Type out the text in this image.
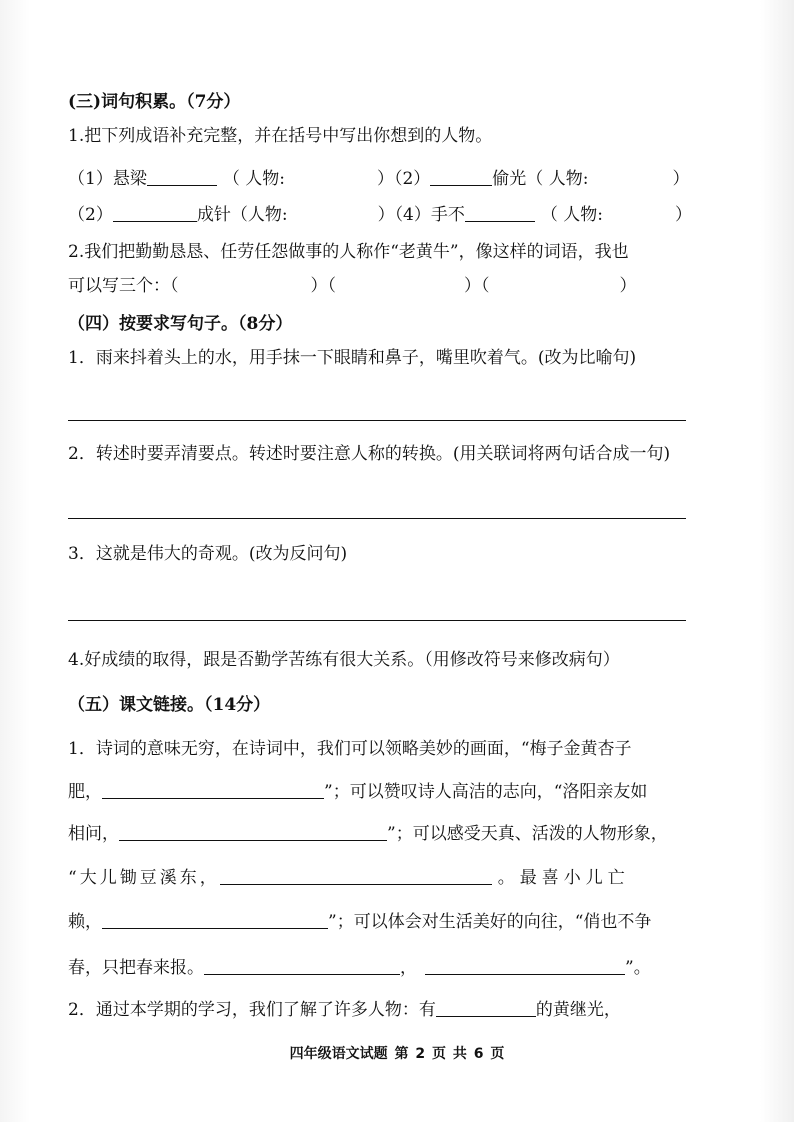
(三)词句积累。（7分）
1.把下列成语补充完整，并在括号中写出你想到的人物。
（1）悬梁	（ 人物:	）（2）	偷光（ 人物:	）
（2）	成针（人物:	）（4）手不	（ 人物:	）
2.我们把勤勤恳恳、任劳任怨做事的人称作“老黄牛”，像这样的词语，我也
可以写三个：（	）（	）（	）
（四）按要求写句子。（8分）
1．雨来抖着头上的水，用手抹一下眼睛和鼻子，嘴里吹着气。(改为比喻句)
2．转述时要弄清要点。转述时要注意人称的转换。(用关联词将两句话合成一句)
3．这就是伟大的奇观。(改为反问句)
4.好成绩的取得，跟是否勤学苦练有很大关系。（用修改符号来修改病句）
（五）课文链接。（14分）
1．诗词的意味无穷，在诗词中，我们可以领略美妙的画面，“梅子金黄杏子
肥，	”；可以赞叹诗人高洁的志向，“洛阳亲友如
相问，	”；可以感受天真、活泼的人物形象，
“大儿锄豆溪东，	。最喜小儿亡
赖，	”；可以体会对生活美好的向往，“俏也不争
春，只把春来报。	，	”。
2．通过本学期的学习，我们了解了许多人物：有	的黄继光，
四年级语文试题 第 2 页 共 6 页
